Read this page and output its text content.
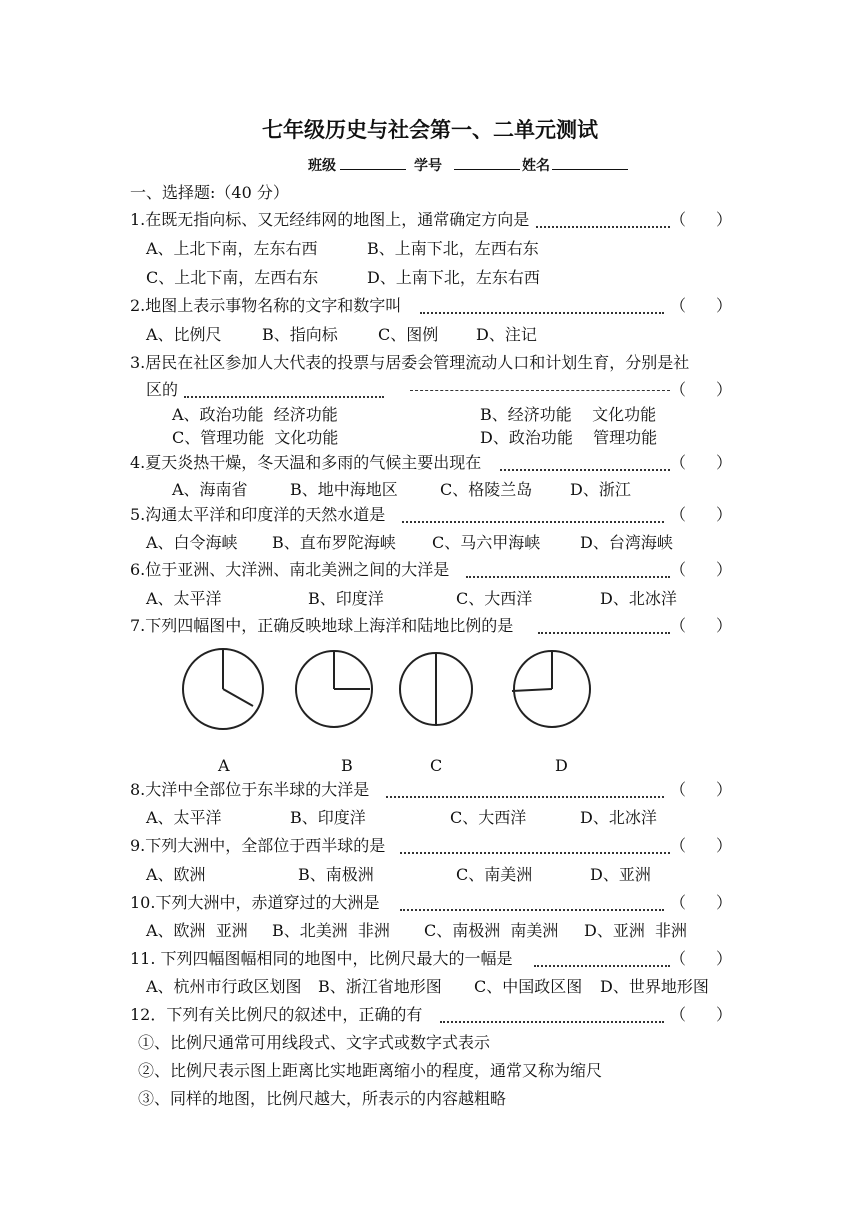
七年级历史与社会第一、二单元测试
班级	学号	姓名
一、选择题:（40 分）
1.在既无指向标、又无经纬网的地图上，通常确定方向是	（ ）
A、上北下南，左东右西	B、上南下北，左西右东
C、上北下南，左西右东	D、上南下北，左东右西
2.地图上表示事物名称的文字和数字叫	（ ）
A、比例尺	B、指向标	C、图例 D、注记
3.居民在社区参加人大代表的投票与居委会管理流动人口和计划生育，分别是社
区的	（ ）
A、政治功能  经济功能	B、经济功能    文化功能
C、管理功能  文化功能	D、政治功能    管理功能
4.夏天炎热干燥，冬天温和多雨的气候主要出现在	（ ）
A、海南省	B、地中海地区	C、格陵兰岛 D、浙江
5.沟通太平洋和印度洋的天然水道是	（ ）
A、白令海峡 B、直布罗陀海峡 C、马六甲海峡 D、台湾海峡
6.位于亚洲、大洋洲、南北美洲之间的大洋是	（ ）
A、太平洋	B、印度洋	C、大西洋	D、北冰洋
7.下列四幅图中，正确反映地球上海洋和陆地比例的是	（ ）
A	B	C	D
8.大洋中全部位于东半球的大洋是	（ ）
A、太平洋	B、印度洋	C、大西洋	D、北冰洋
9.下列大洲中，全部位于西半球的是	（ ）
A、欧洲	B、南极洲	C、南美洲	D、亚洲
10.下列大洲中，赤道穿过的大洲是	（ ）
A、欧洲  亚洲 B、北美洲  非洲 C、南极洲  南美洲 D、亚洲  非洲
11. 下列四幅图幅相同的地图中，比例尺最大的一幅是	（ ）
A、杭州市行政区划图 B、浙江省地形图 C、中国政区图 D、世界地形图
12．下列有关比例尺的叙述中，正确的有	（ ）
①、比例尺通常可用线段式、文字式或数字式表示
②、比例尺表示图上距离比实地距离缩小的程度，通常又称为缩尺
③、同样的地图，比例尺越大，所表示的内容越粗略
